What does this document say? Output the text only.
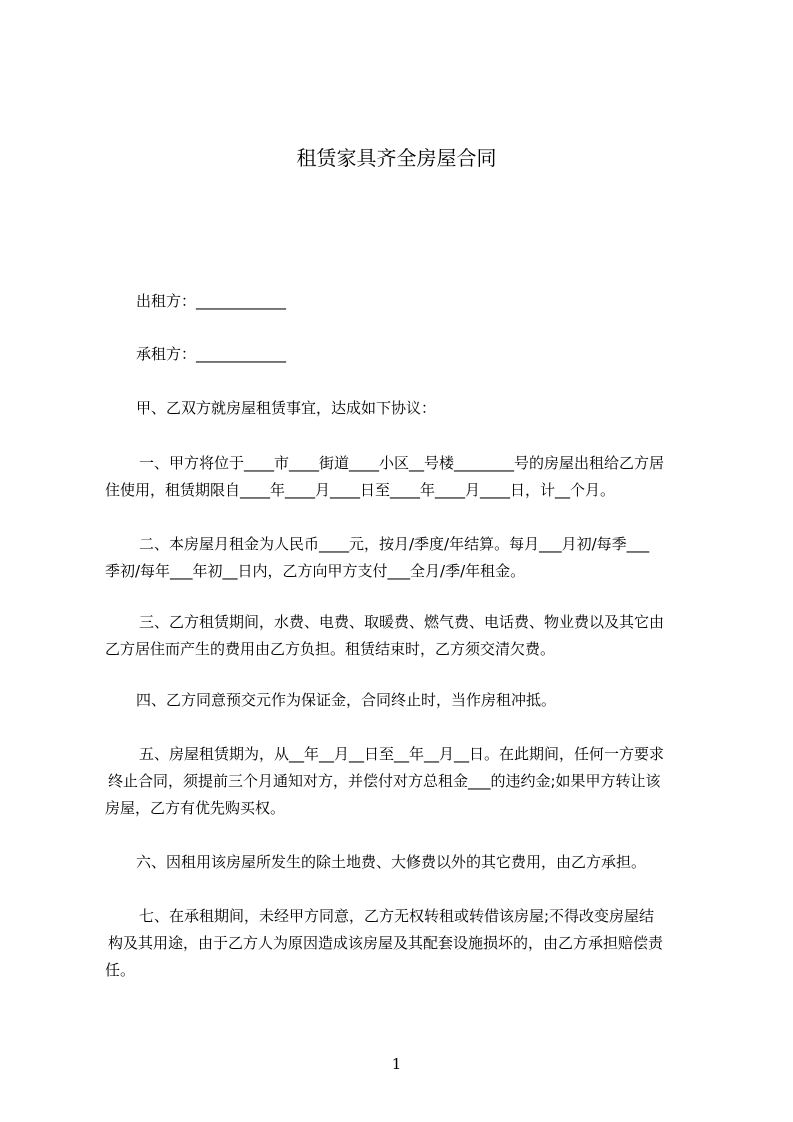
租赁家具齐全房屋合同
出租方：____________
承租方：____________
甲、乙双方就房屋租赁事宜，达成如下协议：
一、甲方将位于____市____街道____小区__号楼________号的房屋出租给乙方居
住使用，租赁期限自____年____月____日至____年____月____日，计__个月。
二、本房屋月租金为人民币____元，按月/季度/年结算。每月___月初/每季___
季初/每年___年初__日内，乙方向甲方支付___全月/季/年租金。
三、乙方租赁期间，水费、电费、取暖费、燃气费、电话费、物业费以及其它由
乙方居住而产生的费用由乙方负担。租赁结束时，乙方须交清欠费。
四、乙方同意预交元作为保证金，合同终止时，当作房租冲抵。
五、房屋租赁期为，从__年__月__日至__年__月__日。在此期间，任何一方要求
终止合同，须提前三个月通知对方，并偿付对方总租金___的违约金;如果甲方转让该
房屋，乙方有优先购买权。
六、因租用该房屋所发生的除土地费、大修费以外的其它费用，由乙方承担。
七、在承租期间，未经甲方同意，乙方无权转租或转借该房屋;不得改变房屋结
构及其用途，由于乙方人为原因造成该房屋及其配套设施损坏的，由乙方承担赔偿责
任。
1
